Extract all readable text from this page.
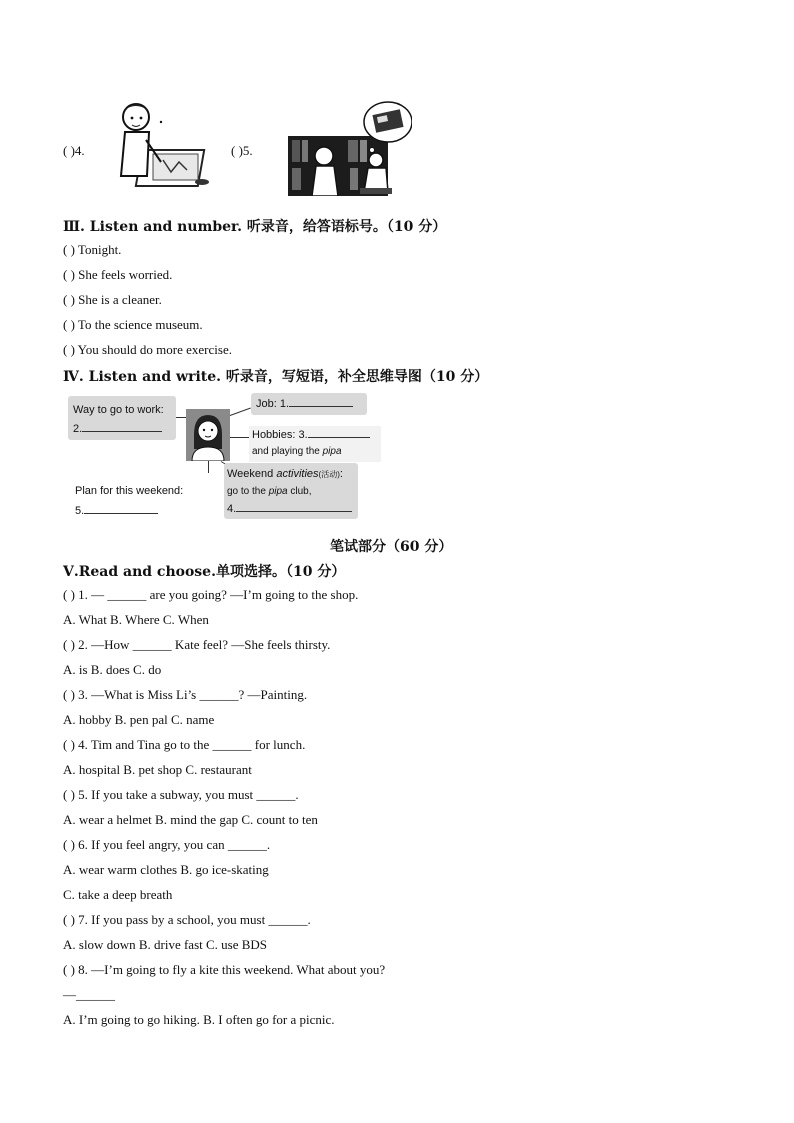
( )4.	( )5.
Ⅲ. Listen and number. 听录音，给答语标号。（10 分）
( ) Tonight.
( ) She feels worried.
( ) She is a cleaner.
( ) To the science museum.
( ) You should do more exercise.
Ⅳ. Listen and write. 听录音，写短语，补全思维导图（10 分）
Way to go to work:
2.
Job: 1.
Hobbies: 3.
and playing the pipa
Weekend activities(活动):
go to the pipa club,
4.
Plan for this weekend:
5.
笔试部分（60 分）
Ⅴ.Read and choose.单项选择。（10 分）
( ) 1. — ______ are you going? —I’m going to the shop.
A. What B. Where C. When
( ) 2. —How ______ Kate feel? —She feels thirsty.
A. is B. does C. do
( ) 3. —What is Miss Li’s ______? —Painting.
A. hobby B. pen pal C. name
( ) 4. Tim and Tina go to the ______ for lunch.
A. hospital B. pet shop C. restaurant
( ) 5. If you take a subway, you must ______.
A. wear a helmet B. mind the gap C. count to ten
( ) 6. If you feel angry, you can ______.
A. wear warm clothes B. go ice-skating
C. take a deep breath
( ) 7. If you pass by a school, you must ______.
A. slow down B. drive fast C. use BDS
( ) 8. —I’m going to fly a kite this weekend. What about you?
—______
A. I’m going to go hiking. B. I often go for a picnic.
